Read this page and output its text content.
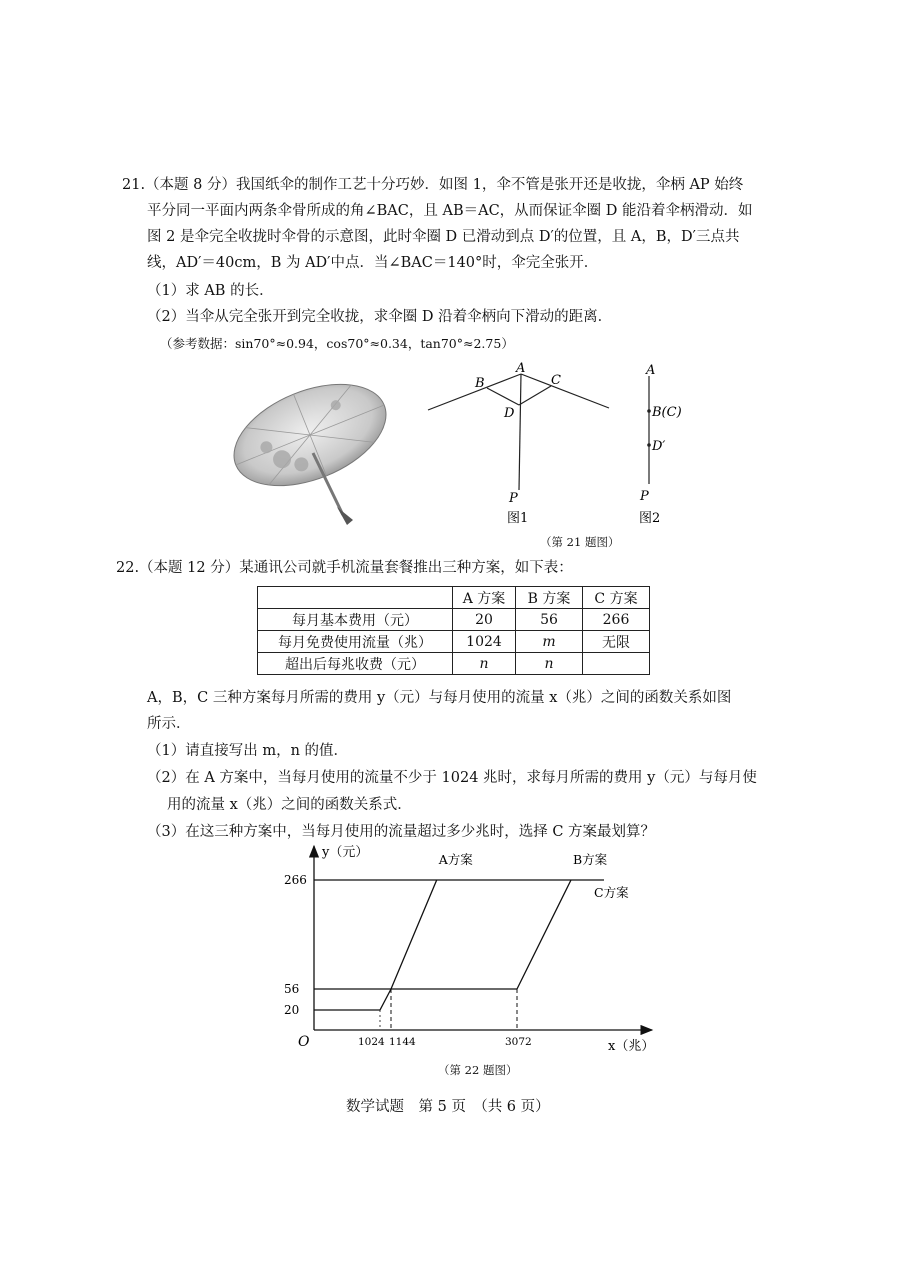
21.（本题 8 分）我国纸伞的制作工艺十分巧妙．如图 1，伞不管是张开还是收拢，伞柄 AP 始终
平分同一平面内两条伞骨所成的角∠BAC，且 AB＝AC，从而保证伞圈 D 能沿着伞柄滑动．如
图 2 是伞完全收拢时伞骨的示意图，此时伞圈 D 已滑动到点 D′的位置，且 A，B，D′三点共
线，AD′＝40cm，B 为 AD′中点．当∠BAC＝140°时，伞完全张开．
（1）求 AB 的长．
（2）当伞从完全张开到完全收拢，求伞圈 D 沿着伞柄向下滑动的距离．
（参考数据：sin70°≈0.94，cos70°≈0.34，tan70°≈2.75）
A
B	C
D
P
图1
A
B(C)
D′
P
图2
（第 21 题图）
22.（本题 12 分）某通讯公司就手机流量套餐推出三种方案，如下表：
	A 方案	B 方案	C 方案
每月基本费用（元）	20	56	266
每月免费使用流量（兆）	1024	m	无限
超出后每兆收费（元）	n	n	
A，B，C 三种方案每月所需的费用 y（元）与每月使用的流量 x（兆）之间的函数关系如图
所示．
（1）请直接写出 m，n 的值．
（2）在 A 方案中，当每月使用的流量不少于 1024 兆时，求每月所需的费用 y（元）与每月使
用的流量 x（兆）之间的函数关系式．
（3）在这三种方案中，当每月使用的流量超过多少兆时，选择 C 方案最划算？
20
56
266
1024 1144	3072
A方案	B方案
C方案
y（元）
x（兆）
O
（第 22 题图）
数学试题　第 5 页　（共 6 页）
